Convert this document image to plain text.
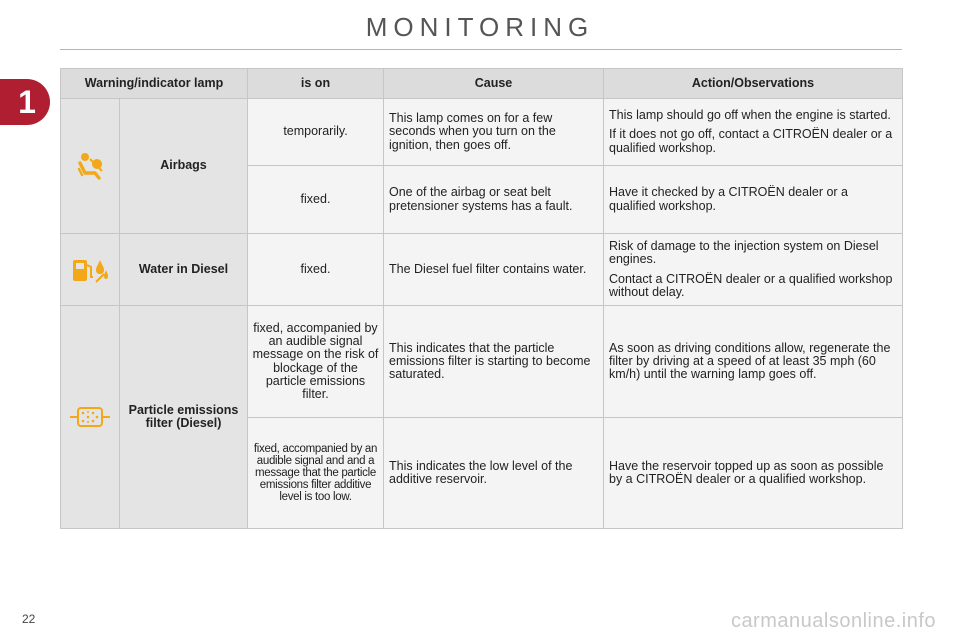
MONITORING
1
Warning/indicator lamp		is on	Cause	Action/Observations

	Airbags	temporarily.	This lamp comes on for a few seconds when you turn on the ignition, then goes off.	This lamp should go off when the engine is started.

If it does not go off, contact a CITROËN dealer or a qualified workshop.

		fixed.	One of the airbag or seat belt pretensioner systems has a fault.	Have it checked by a CITROËN dealer or a qualified workshop.

	Water in Diesel	fixed.	The Diesel fuel filter contains water.	Risk of damage to the injection system on Diesel engines.

Contact a CITROËN dealer or a qualified workshop without delay.

	Particle emissions filter (Diesel)	fixed, accompanied by an audible signal message on the risk of blockage of the particle emissions filter.	This indicates that the particle emissions filter is starting to become saturated.	As soon as driving conditions allow, regenerate the filter by driving at a speed of at least 35 mph (60 km/h) until the warning lamp goes off.

		fixed, accompanied by an audible signal and and a message that the particle emissions filter additive level is too low.	This indicates the low level of the additive reservoir.	Have the reservoir topped up as soon as possible by a CITROËN dealer or a qualified workshop.

22	carmanualsonline.info
